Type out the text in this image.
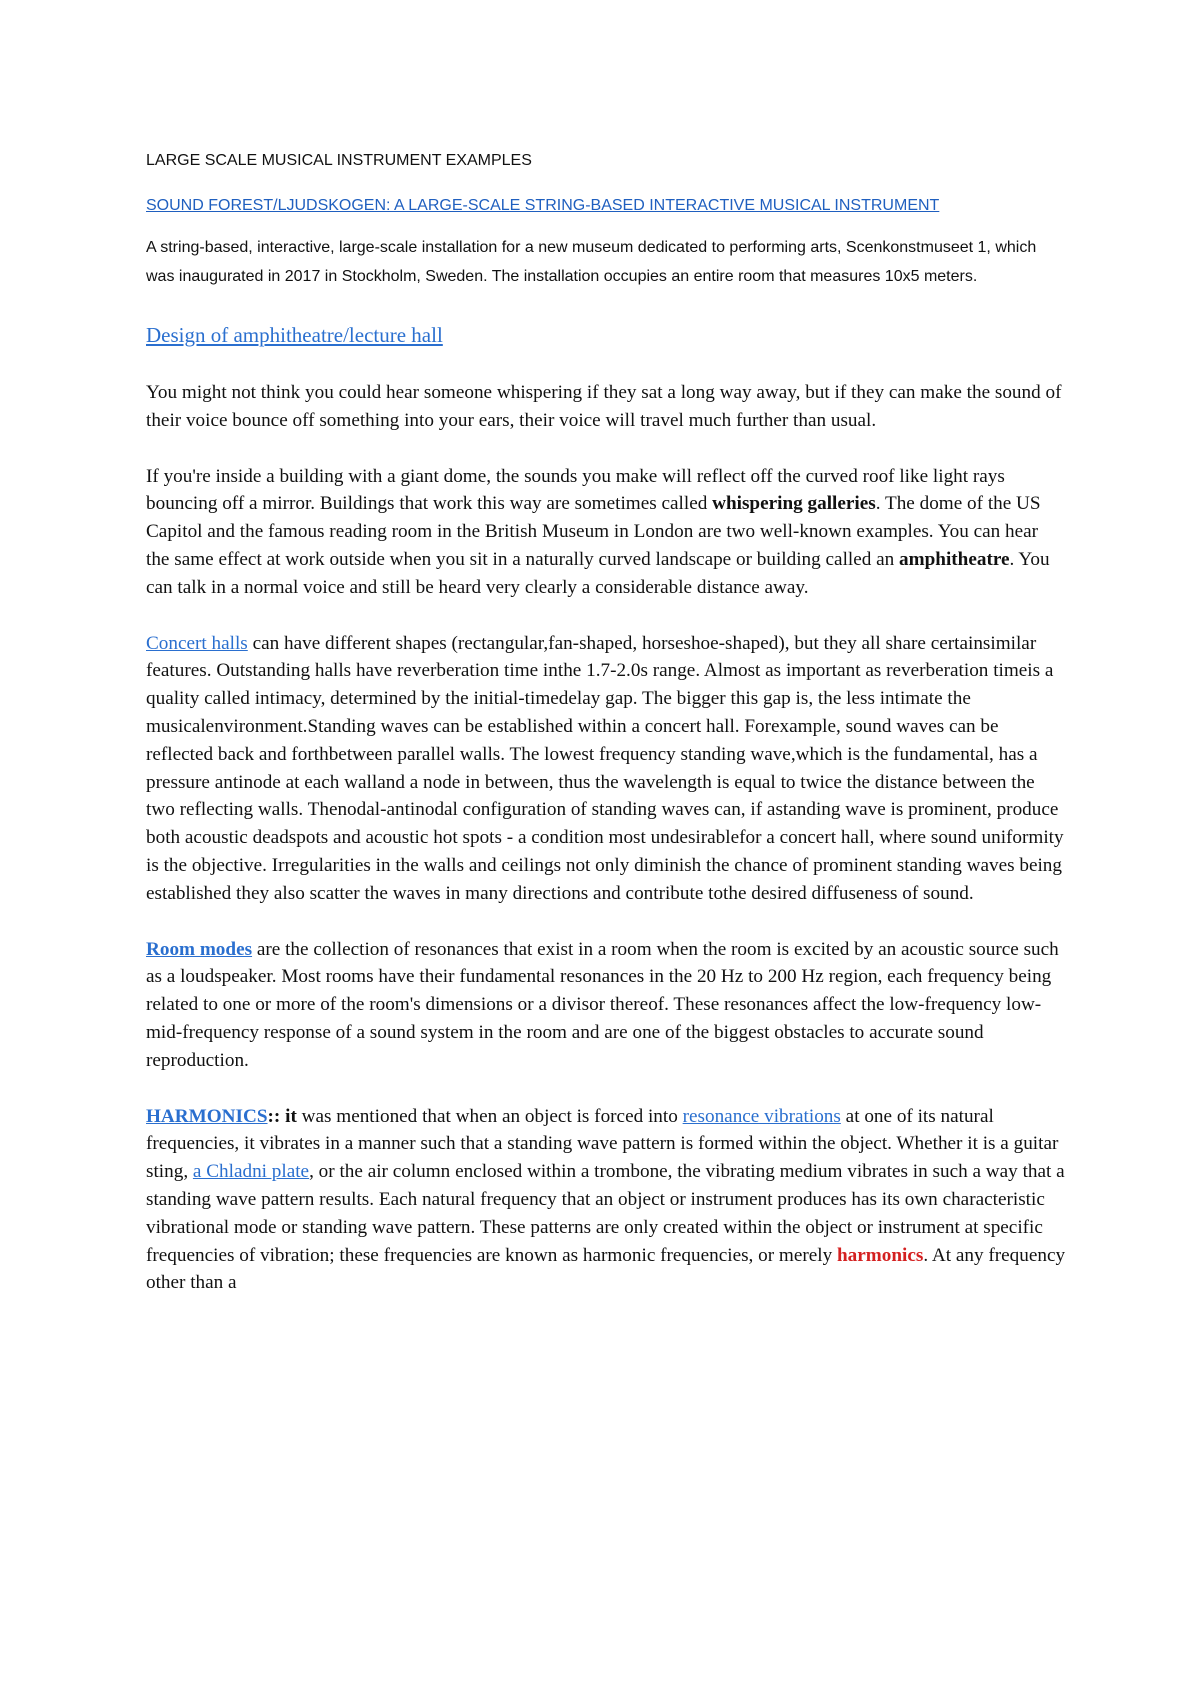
LARGE SCALE MUSICAL INSTRUMENT EXAMPLES

SOUND FOREST/LJUDSKOGEN: A LARGE-SCALE STRING-BASED INTERACTIVE MUSICAL INSTRUMENT

A string-based, interactive, large-scale installation for a new museum dedicated to performing arts, Scenkonstmuseet 1, which was inaugurated in 2017 in Stockholm, Sweden. The installation occupies an entire room that measures 10x5 meters.

Design of amphitheatre/lecture hall

You might not think you could hear someone whispering if they sat a long way away, but if they can make the sound of their voice bounce off something into your ears, their voice will travel much further than usual.

If you're inside a building with a giant dome, the sounds you make will reflect off the curved roof like light rays bouncing off a mirror. Buildings that work this way are sometimes called whispering galleries. The dome of the US Capitol and the famous reading room in the British Museum in London are two well-known examples. You can hear the same effect at work outside when you sit in a naturally curved landscape or building called an amphitheatre. You can talk in a normal voice and still be heard very clearly a considerable distance away.

Concert halls can have different shapes (rectangular,fan-shaped, horseshoe-shaped), but they all share certainsimilar features. Outstanding halls have reverberation time inthe 1.7-2.0s range. Almost as important as reverberation timeis a quality called intimacy, determined by the initial-timedelay gap. The bigger this gap is, the less intimate the musicalenvironment.Standing waves can be established within a concert hall. Forexample, sound waves can be reflected back and forthbetween parallel walls. The lowest frequency standing wave,which is the fundamental, has a pressure antinode at each walland a node in between, thus the wavelength is equal to twice the distance between the two reflecting walls. Thenodal-antinodal configuration of standing waves can, if astanding wave is prominent, produce both acoustic deadspots and acoustic hot spots - a condition most undesirablefor a concert hall, where sound uniformity is the objective. Irregularities in the walls and ceilings not only diminish the chance of prominent standing waves being established they also scatter the waves in many directions and contribute tothe desired diffuseness of sound.

Room modes are the collection of resonances that exist in a room when the room is excited by an acoustic source such as a loudspeaker. Most rooms have their fundamental resonances in the 20 Hz to 200 Hz region, each frequency being related to one or more of the room's dimensions or a divisor thereof. These resonances affect the low-frequency low-mid-frequency response of a sound system in the room and are one of the biggest obstacles to accurate sound reproduction.

HARMONICS:: it was mentioned that when an object is forced into resonance vibrations at one of its natural frequencies, it vibrates in a manner such that a standing wave pattern is formed within the object. Whether it is a guitar sting, a Chladni plate, or the air column enclosed within a trombone, the vibrating medium vibrates in such a way that a standing wave pattern results. Each natural frequency that an object or instrument produces has its own characteristic vibrational mode or standing wave pattern. These patterns are only created within the object or instrument at specific frequencies of vibration; these frequencies are known as harmonic frequencies, or merely harmonics. At any frequency other than a
